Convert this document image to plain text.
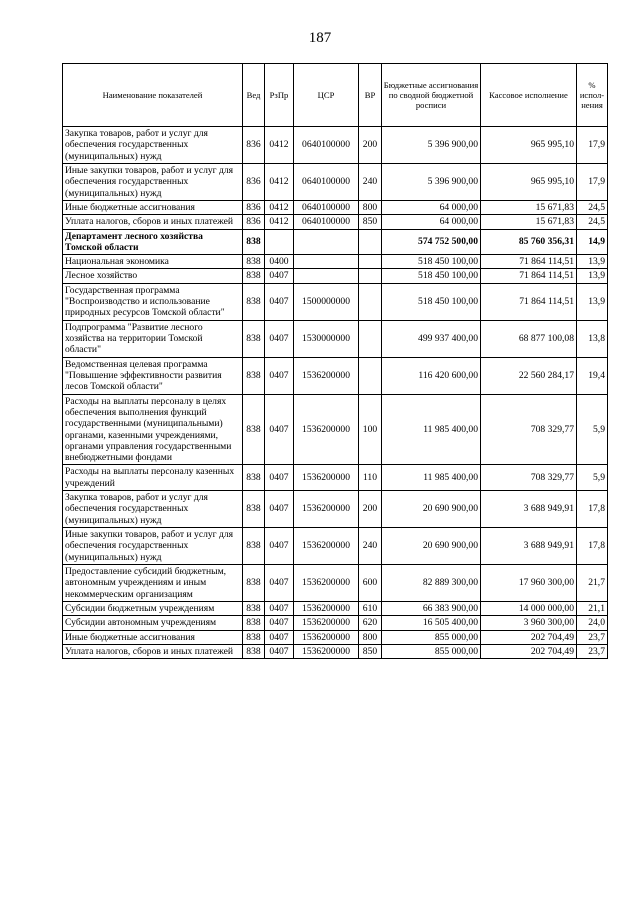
187
Наименование показателей	Вед	РзПр	ЦСР	ВР	Бюджетные ассигнования по сводной бюджетной росписи	Кассовое исполнение	% испол- нения
Закупка товаров, работ и услуг для обеспечения государственных (муниципальных) нужд	836	0412	0640100000	200	5 396 900,00	965 995,10	17,9
Иные закупки товаров, работ и услуг для обеспечения государственных (муниципальных) нужд	836	0412	0640100000	240	5 396 900,00	965 995,10	17,9
Иные бюджетные ассигнования	836	0412	0640100000	800	64 000,00	15 671,83	24,5
Уплата налогов, сборов и иных платежей	836	0412	0640100000	850	64 000,00	15 671,83	24,5
Департамент лесного хозяйства Томской области	838				574 752 500,00	85 760 356,31	14,9
Национальная экономика	838	0400			518 450 100,00	71 864 114,51	13,9
Лесное хозяйство	838	0407			518 450 100,00	71 864 114,51	13,9
Государственная программа "Воспроизводство и использование природных ресурсов Томской области"	838	0407	1500000000		518 450 100,00	71 864 114,51	13,9
Подпрограмма "Развитие лесного хозяйства на территории Томской области"	838	0407	1530000000		499 937 400,00	68 877 100,08	13,8
Ведомственная целевая программа "Повышение эффективности развития лесов Томской области"	838	0407	1536200000		116 420 600,00	22 560 284,17	19,4
Расходы на выплаты персоналу в целях обеспечения выполнения функций государственными (муниципальными) органами, казенными учреждениями, органами управления государственными внебюджетными фондами	838	0407	1536200000	100	11 985 400,00	708 329,77	5,9
Расходы на выплаты персоналу казенных учреждений	838	0407	1536200000	110	11 985 400,00	708 329,77	5,9
Закупка товаров, работ и услуг для обеспечения государственных (муниципальных) нужд	838	0407	1536200000	200	20 690 900,00	3 688 949,91	17,8
Иные закупки товаров, работ и услуг для обеспечения государственных (муниципальных) нужд	838	0407	1536200000	240	20 690 900,00	3 688 949,91	17,8
Предоставление субсидий бюджетным, автономным учреждениям и иным некоммерческим организациям	838	0407	1536200000	600	82 889 300,00	17 960 300,00	21,7
Субсидии бюджетным учреждениям	838	0407	1536200000	610	66 383 900,00	14 000 000,00	21,1
Субсидии автономным учреждениям	838	0407	1536200000	620	16 505 400,00	3 960 300,00	24,0
Иные бюджетные ассигнования	838	0407	1536200000	800	855 000,00	202 704,49	23,7
Уплата налогов, сборов и иных платежей	838	0407	1536200000	850	855 000,00	202 704,49	23,7
